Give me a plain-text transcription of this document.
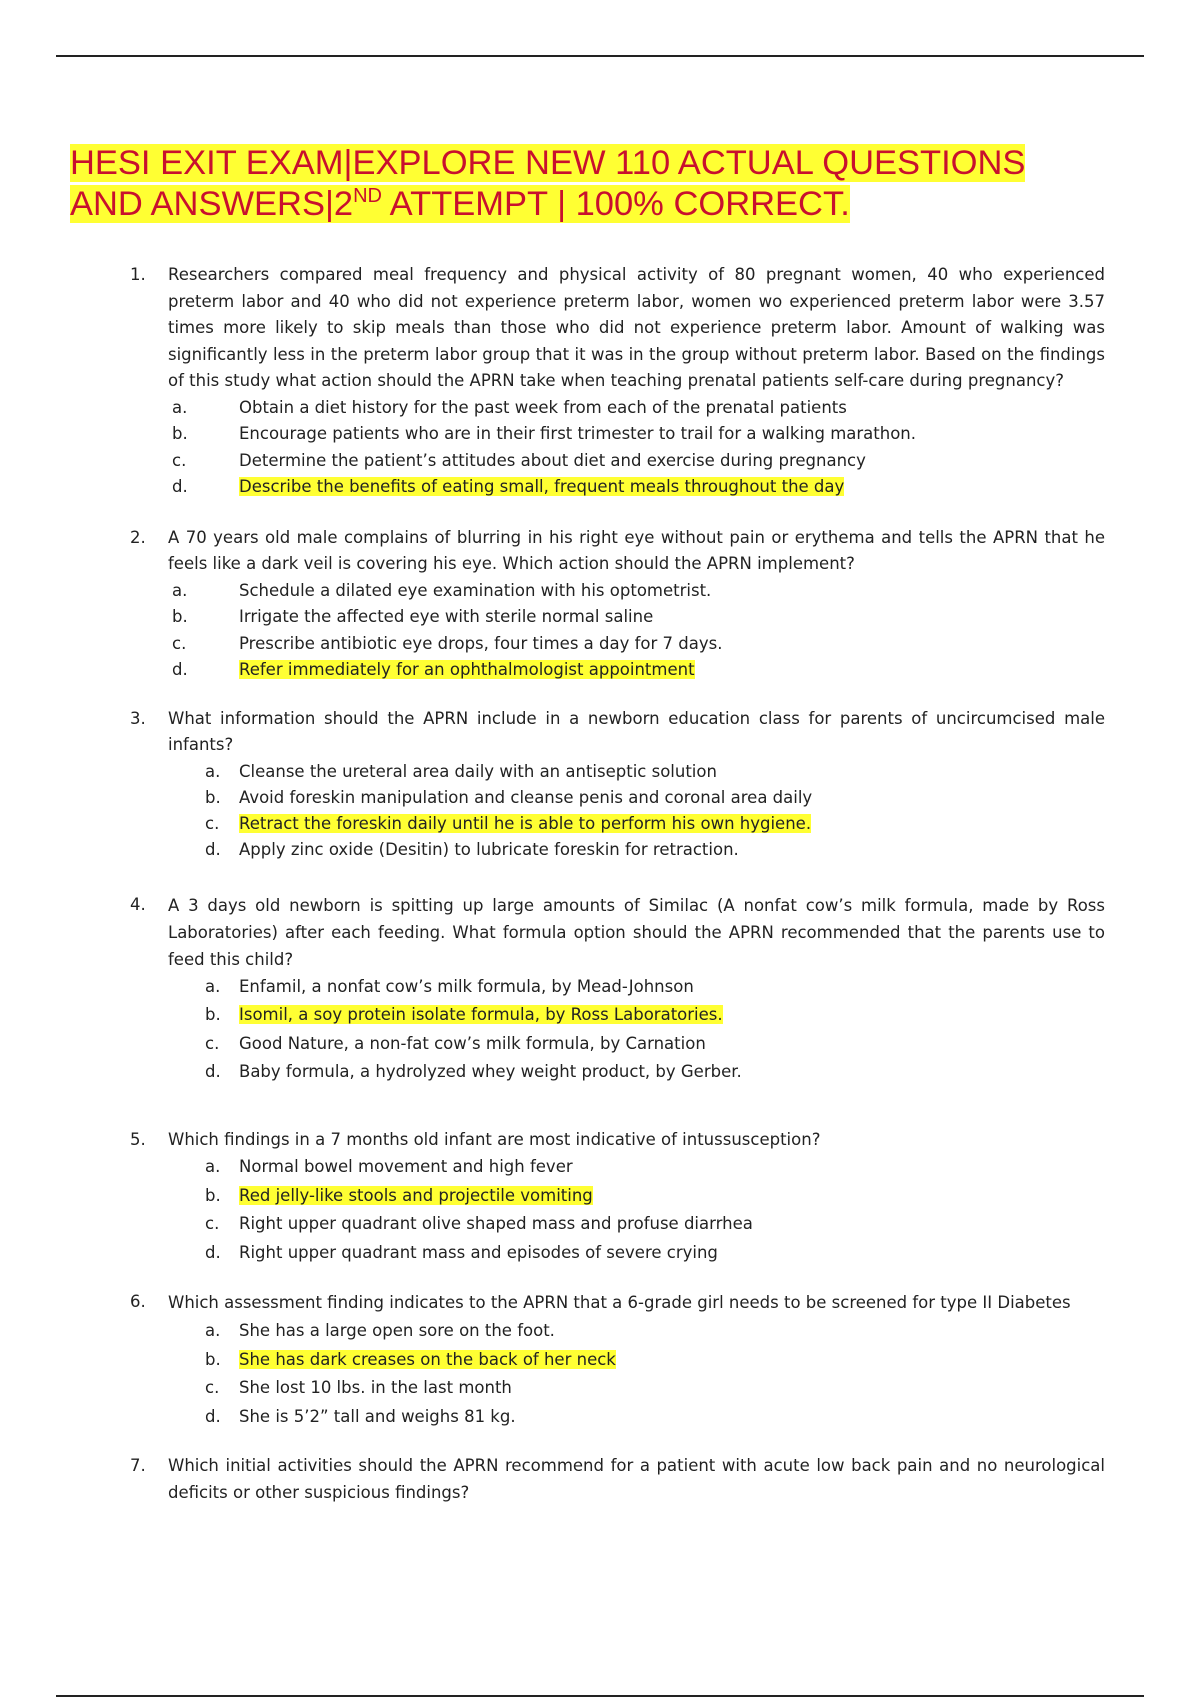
HESI EXIT EXAM|EXPLORE NEW 110 ACTUAL QUESTIONS
AND ANSWERS|2ND ATTEMPT | 100% CORRECT.
1. Researchers compared meal frequency and physical activity of 80 pregnant women, 40 who experienced preterm labor and 40 who did not experience preterm labor, women wo experienced preterm labor were 3.57 times more likely to skip meals than those who did not experience preterm labor. Amount of walking was significantly less in the preterm labor group that it was in the group without preterm labor. Based on the findings of this study what action should the APRN take when teaching prenatal patients self-care during pregnancy?
a.	Obtain a diet history for the past week from each of the prenatal patients
b.	Encourage patients who are in their first trimester to trail for a walking marathon.
c.	Determine the patient’s attitudes about diet and exercise during pregnancy
d.	Describe the benefits of eating small, frequent meals throughout the day
2. A 70 years old male complains of blurring in his right eye without pain or erythema and tells the APRN that he feels like a dark veil is covering his eye. Which action should the APRN implement?
a.	Schedule a dilated eye examination with his optometrist.
b.	Irrigate the affected eye with sterile normal saline
c.	Prescribe antibiotic eye drops, four times a day for 7 days.
d.	Refer immediately for an ophthalmologist appointment
3. What information should the APRN include in a newborn education class for parents of uncircumcised male infants?
a. Cleanse the ureteral area daily with an antiseptic solution
b. Avoid foreskin manipulation and cleanse penis and coronal area daily
c. Retract the foreskin daily until he is able to perform his own hygiene.
d. Apply zinc oxide (Desitin) to lubricate foreskin for retraction.
4. A 3 days old newborn is spitting up large amounts of Similac (A nonfat cow’s milk formula, made by Ross Laboratories) after each feeding. What formula option should the APRN recommended that the parents use to feed this child?
a. Enfamil, a nonfat cow’s milk formula, by Mead-Johnson
b. Isomil, a soy protein isolate formula, by Ross Laboratories.
c. Good Nature, a non-fat cow’s milk formula, by Carnation
d. Baby formula, a hydrolyzed whey weight product, by Gerber.
5. Which findings in a 7 months old infant are most indicative of intussusception?
a. Normal bowel movement and high fever
b. Red jelly-like stools and projectile vomiting
c. Right upper quadrant olive shaped mass and profuse diarrhea
d. Right upper quadrant mass and episodes of severe crying
6. Which assessment finding indicates to the APRN that a 6-grade girl needs to be screened for type II Diabetes
a. She has a large open sore on the foot.
b. She has dark creases on the back of her neck
c. She lost 10 lbs. in the last month
d. She is 5’2” tall and weighs 81 kg.
7. Which initial activities should the APRN recommend for a patient with acute low back pain and no neurological deficits or other suspicious findings?
